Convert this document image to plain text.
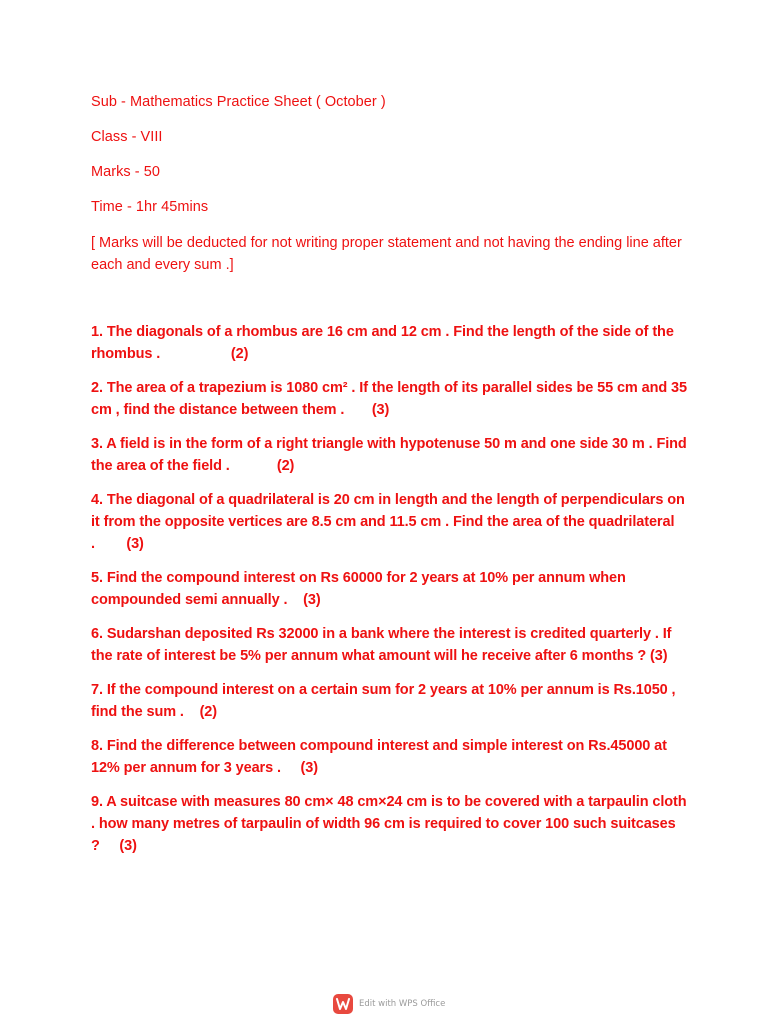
Sub - Mathematics Practice Sheet ( October )

Class - VIII

Marks - 50

Time - 1hr 45mins

[ Marks will be deducted for not writing proper statement and not having the ending line after each and every sum .]

1. The diagonals of a rhombus are 16 cm and 12 cm . Find the length of the side of the rhombus .                  (2)

2. The area of a trapezium is 1080 cm² . If the length of its parallel sides be 55 cm and 35 cm , find the distance between them .       (3)

3. A field is in the form of a right triangle with hypotenuse 50 m and one side 30 m . Find the area of the field .            (2)

4. The diagonal of a quadrilateral is 20 cm in length and the length of perpendiculars on it from the opposite vertices are 8.5 cm and 11.5 cm . Find the area of the quadrilateral .        (3)

5. Find the compound interest on Rs 60000 for 2 years at 10% per annum when compounded semi annually .    (3)

6. Sudarshan deposited Rs 32000 in a bank where the interest is credited quarterly . If the rate of interest be 5% per annum what amount will he receive after 6 months ? (3)

7. If the compound interest on a certain sum for 2 years at 10% per annum is Rs.1050 , find the sum .    (2)

8. Find the difference between compound interest and simple interest on Rs.45000 at 12% per annum for 3 years .     (3)

9. A suitcase with measures 80 cm× 48 cm×24 cm is to be covered with a tarpaulin cloth . how many metres of tarpaulin of width 96 cm is required to cover 100 such suitcases ?     (3)

Edit with WPS Office
